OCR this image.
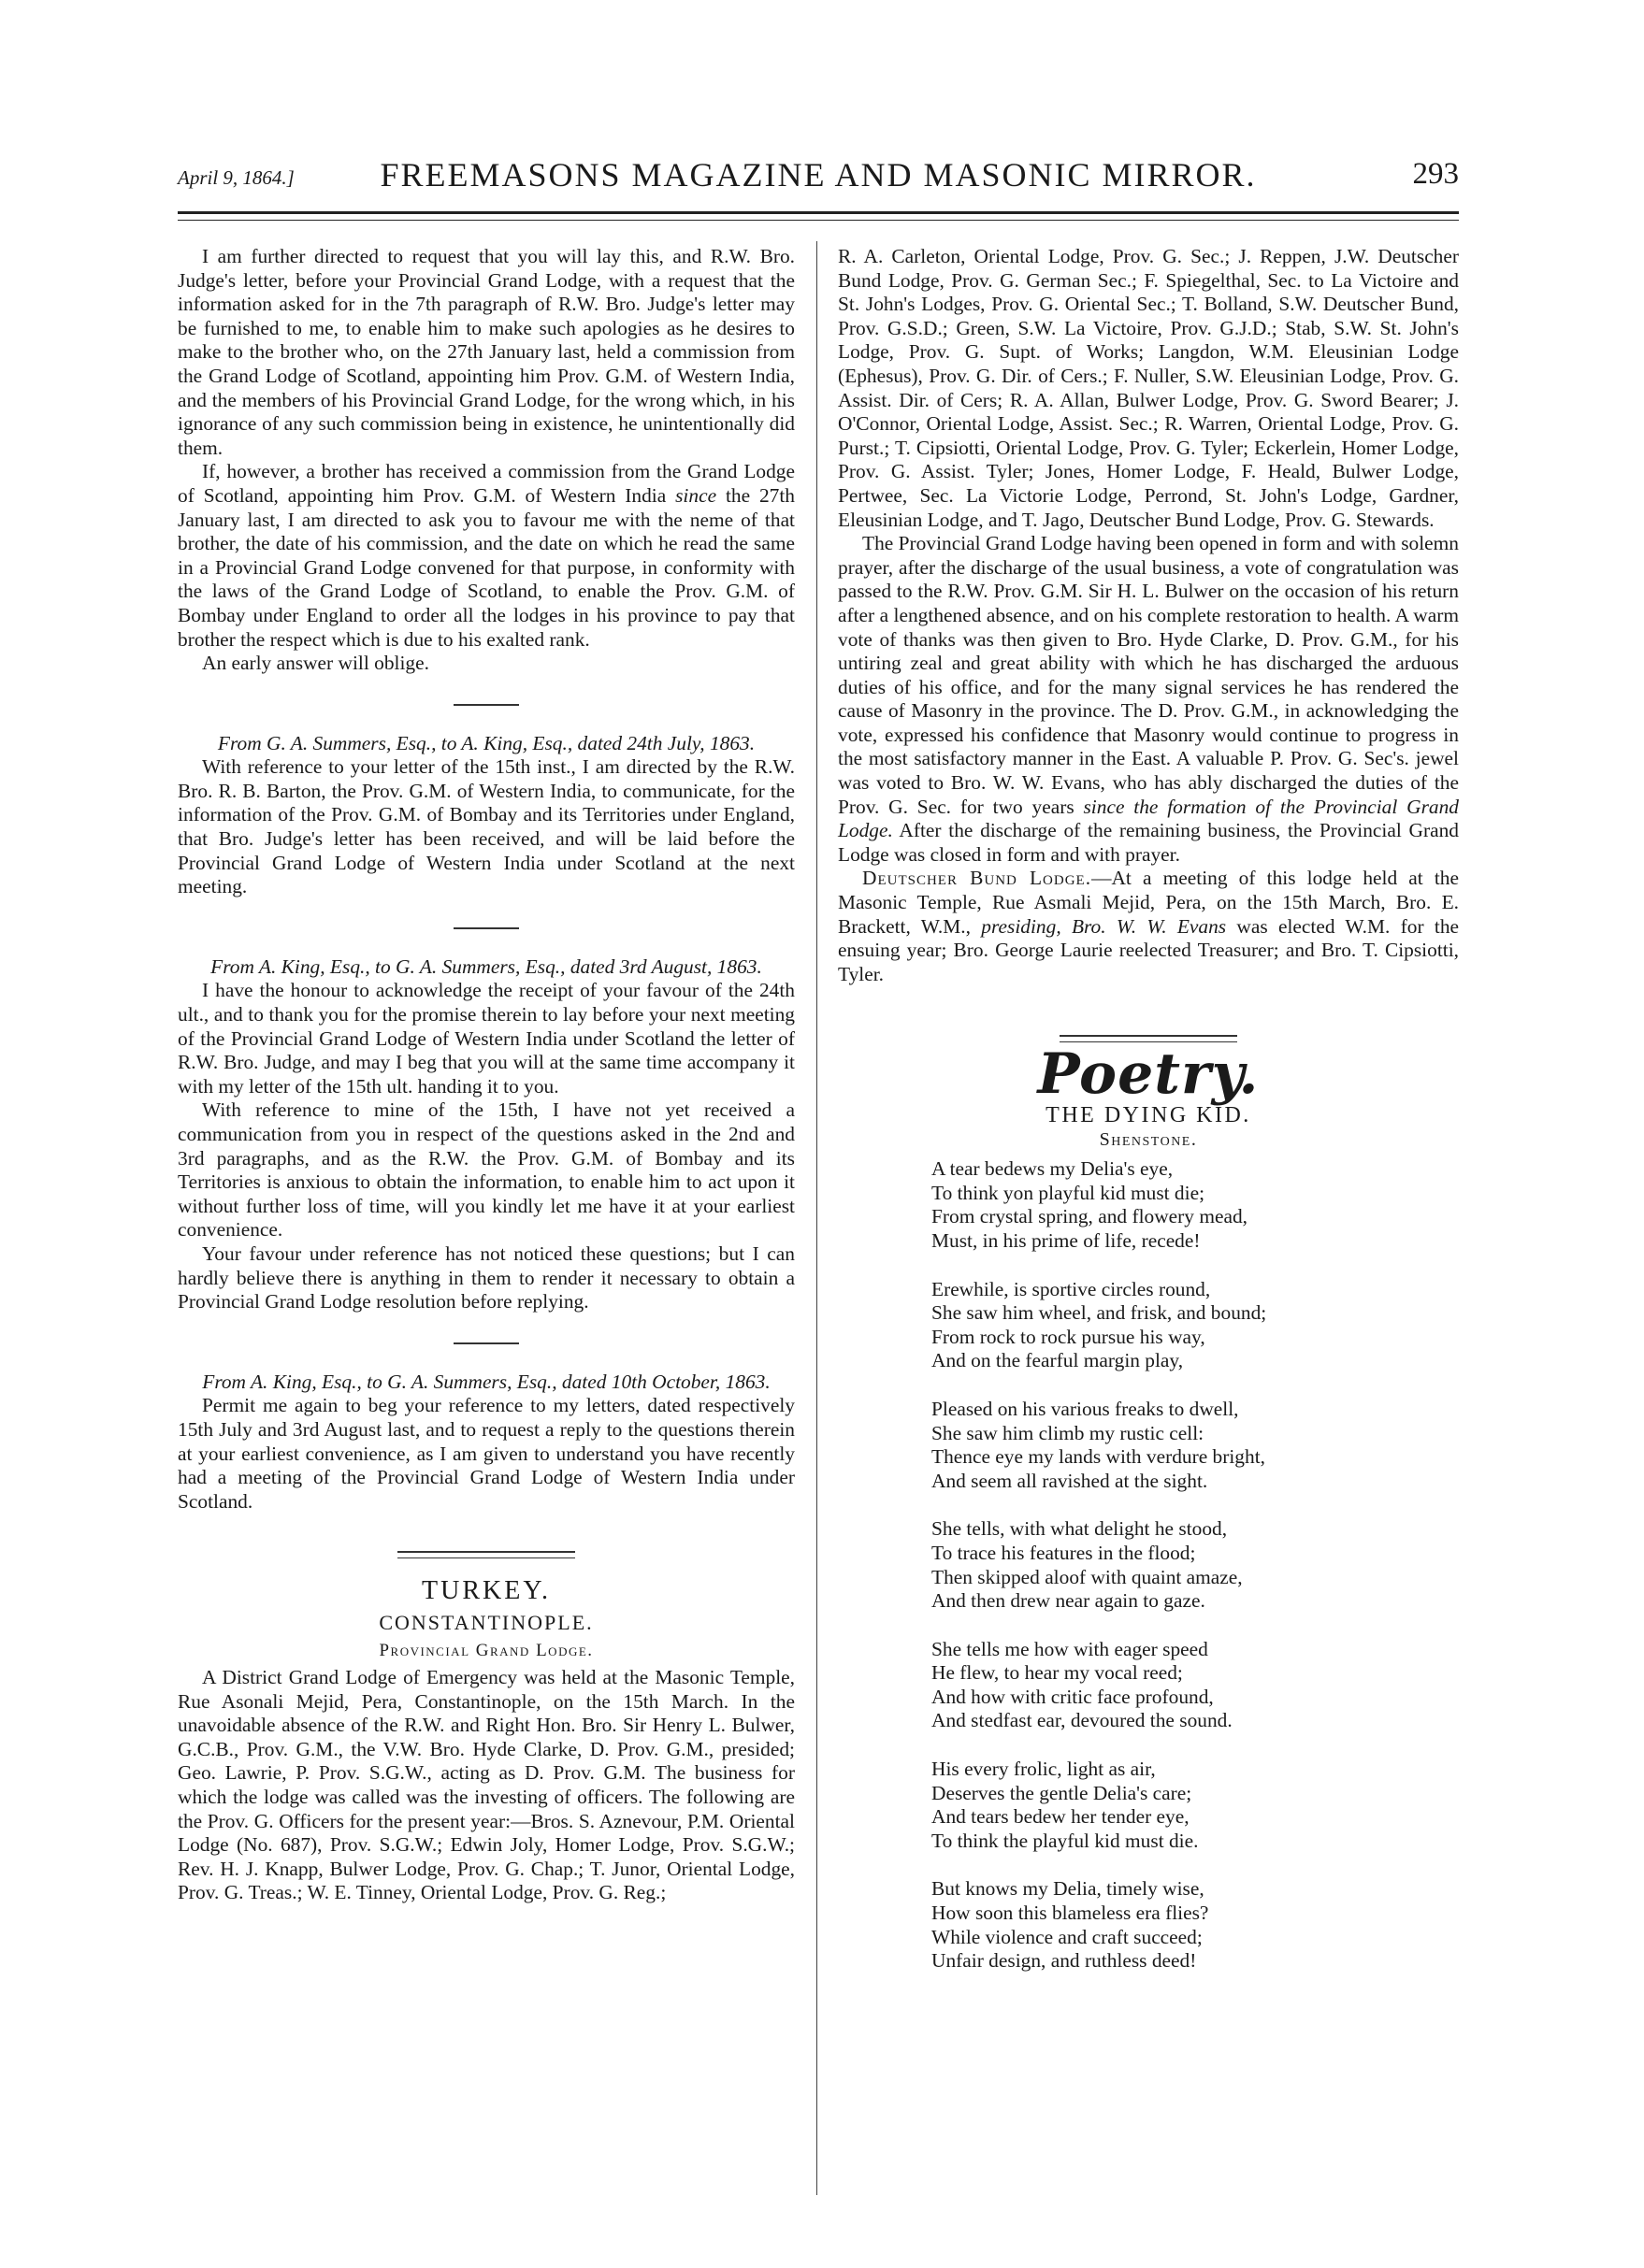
April 9, 1864.]	FREEMASONS MAGAZINE AND MASONIC MIRROR.	293

I am further directed to request that you will lay this, and R.W. Bro. Judge's letter, before your Provincial Grand Lodge, with a request that the information asked for in the 7th paragraph of R.W. Bro. Judge's letter may be furnished to me, to enable him to make such apologies as he desires to make to the brother who, on the 27th January last, held a commission from the Grand Lodge of Scotland, appointing him Prov. G.M. of Western India, and the members of his Provincial Grand Lodge, for the wrong which, in his ignorance of any such commission being in existence, he unintentionally did them.

If, however, a brother has received a commission from the Grand Lodge of Scotland, appointing him Prov. G.M. of Western India since the 27th January last, I am directed to ask you to favour me with the neme of that brother, the date of his commission, and the date on which he read the same in a Provincial Grand Lodge convened for that purpose, in conformity with the laws of the Grand Lodge of Scotland, to enable the Prov. G.M. of Bombay under England to order all the lodges in his province to pay that brother the respect which is due to his exalted rank.

An early answer will oblige.

From G. A. Summers, Esq., to A. King, Esq., dated 24th July, 1863.

With reference to your letter of the 15th inst., I am directed by the R.W. Bro. R. B. Barton, the Prov. G.M. of Western India, to communicate, for the information of the Prov. G.M. of Bombay and its Territories under England, that Bro. Judge's letter has been received, and will be laid before the Provincial Grand Lodge of Western India under Scotland at the next meeting.

From A. King, Esq., to G. A. Summers, Esq., dated 3rd August, 1863.

I have the honour to acknowledge the receipt of your favour of the 24th ult., and to thank you for the promise therein to lay before your next meeting of the Provincial Grand Lodge of Western India under Scotland the letter of R.W. Bro. Judge, and may I beg that you will at the same time accompany it with my letter of the 15th ult. handing it to you.

With reference to mine of the 15th, I have not yet received a communication from you in respect of the questions asked in the 2nd and 3rd paragraphs, and as the R.W. the Prov. G.M. of Bombay and its Territories is anxious to obtain the information, to enable him to act upon it without further loss of time, will you kindly let me have it at your earliest convenience.

Your favour under reference has not noticed these questions; but I can hardly believe there is anything in them to render it necessary to obtain a Provincial Grand Lodge resolution before replying.

From A. King, Esq., to G. A. Summers, Esq., dated 10th October, 1863.

Permit me again to beg your reference to my letters, dated respectively 15th July and 3rd August last, and to request a reply to the questions therein at your earliest convenience, as I am given to understand you have recently had a meeting of the Provincial Grand Lodge of Western India under Scotland.

TURKEY.
CONSTANTINOPLE.
Provincial Grand Lodge.

A District Grand Lodge of Emergency was held at the Masonic Temple, Rue Asonali Mejid, Pera, Constantinople, on the 15th March. In the unavoidable absence of the R.W. and Right Hon. Bro. Sir Henry L. Bulwer, G.C.B., Prov. G.M., the V.W. Bro. Hyde Clarke, D. Prov. G.M., presided; Geo. Lawrie, P. Prov. S.G.W., acting as D. Prov. G.M. The business for which the lodge was called was the investing of officers. The following are the Prov. G. Officers for the present year:—Bros. S. Aznevour, P.M. Oriental Lodge (No. 687), Prov. S.G.W.; Edwin Joly, Homer Lodge, Prov. S.G.W.; Rev. H. J. Knapp, Bulwer Lodge, Prov. G. Chap.; T. Junor, Oriental Lodge, Prov. G. Treas.; W. E. Tinney, Oriental Lodge, Prov. G. Reg.;

R. A. Carleton, Oriental Lodge, Prov. G. Sec.; J. Reppen, J.W. Deutscher Bund Lodge, Prov. G. German Sec.; F. Spiegelthal, Sec. to La Victoire and St. John's Lodges, Prov. G. Oriental Sec.; T. Bolland, S.W. Deutscher Bund, Prov. G.S.D.; Green, S.W. La Victoire, Prov. G.J.D.; Stab, S.W. St. John's Lodge, Prov. G. Supt. of Works; Langdon, W.M. Eleusinian Lodge (Ephesus), Prov. G. Dir. of Cers.; F. Nuller, S.W. Eleusinian Lodge, Prov. G. Assist. Dir. of Cers; R. A. Allan, Bulwer Lodge, Prov. G. Sword Bearer; J. O'Connor, Oriental Lodge, Assist. Sec.; R. Warren, Oriental Lodge, Prov. G. Purst.; T. Cipsiotti, Oriental Lodge, Prov. G. Tyler; Eckerlein, Homer Lodge, Prov. G. Assist. Tyler; Jones, Homer Lodge, F. Heald, Bulwer Lodge, Pertwee, Sec. La Victorie Lodge, Perrond, St. John's Lodge, Gardner, Eleusinian Lodge, and T. Jago, Deutscher Bund Lodge, Prov. G. Stewards.

The Provincial Grand Lodge having been opened in form and with solemn prayer, after the discharge of the usual business, a vote of congratulation was passed to the R.W. Prov. G.M. Sir H. L. Bulwer on the occasion of his return after a lengthened absence, and on his complete restoration to health. A warm vote of thanks was then given to Bro. Hyde Clarke, D. Prov. G.M., for his untiring zeal and great ability with which he has discharged the arduous duties of his office, and for the many signal services he has rendered the cause of Masonry in the province. The D. Prov. G.M., in acknowledging the vote, expressed his confidence that Masonry would continue to progress in the most satisfactory manner in the East. A valuable P. Prov. G. Sec's. jewel was voted to Bro. W. W. Evans, who has ably discharged the duties of the Prov. G. Sec. for two years since the formation of the Provincial Grand Lodge. After the discharge of the remaining business, the Provincial Grand Lodge was closed in form and with prayer.

Deutscher Bund Lodge.—At a meeting of this lodge held at the Masonic Temple, Rue Asmali Mejid, Pera, on the 15th March, Bro. E. Brackett, W.M., presiding, Bro. W. W. Evans was elected W.M. for the ensuing year; Bro. George Laurie reelected Treasurer; and Bro. T. Cipsiotti, Tyler.

Poetry.
THE DYING KID.
Shenstone.
A tear bedews my Delia's eye,
To think yon playful kid must die;
From crystal spring, and flowery mead,
Must, in his prime of life, recede!
Erewhile, is sportive circles round,
She saw him wheel, and frisk, and bound;
From rock to rock pursue his way,
And on the fearful margin play,
Pleased on his various freaks to dwell,
She saw him climb my rustic cell:
Thence eye my lands with verdure bright,
And seem all ravished at the sight.
She tells, with what delight he stood,
To trace his features in the flood;
Then skipped aloof with quaint amaze,
And then drew near again to gaze.
She tells me how with eager speed
He flew, to hear my vocal reed;
And how with critic face profound,
And stedfast ear, devoured the sound.
His every frolic, light as air,
Deserves the gentle Delia's care;
And tears bedew her tender eye,
To think the playful kid must die.
But knows my Delia, timely wise,
How soon this blameless era flies?
While violence and craft succeed;
Unfair design, and ruthless deed!
